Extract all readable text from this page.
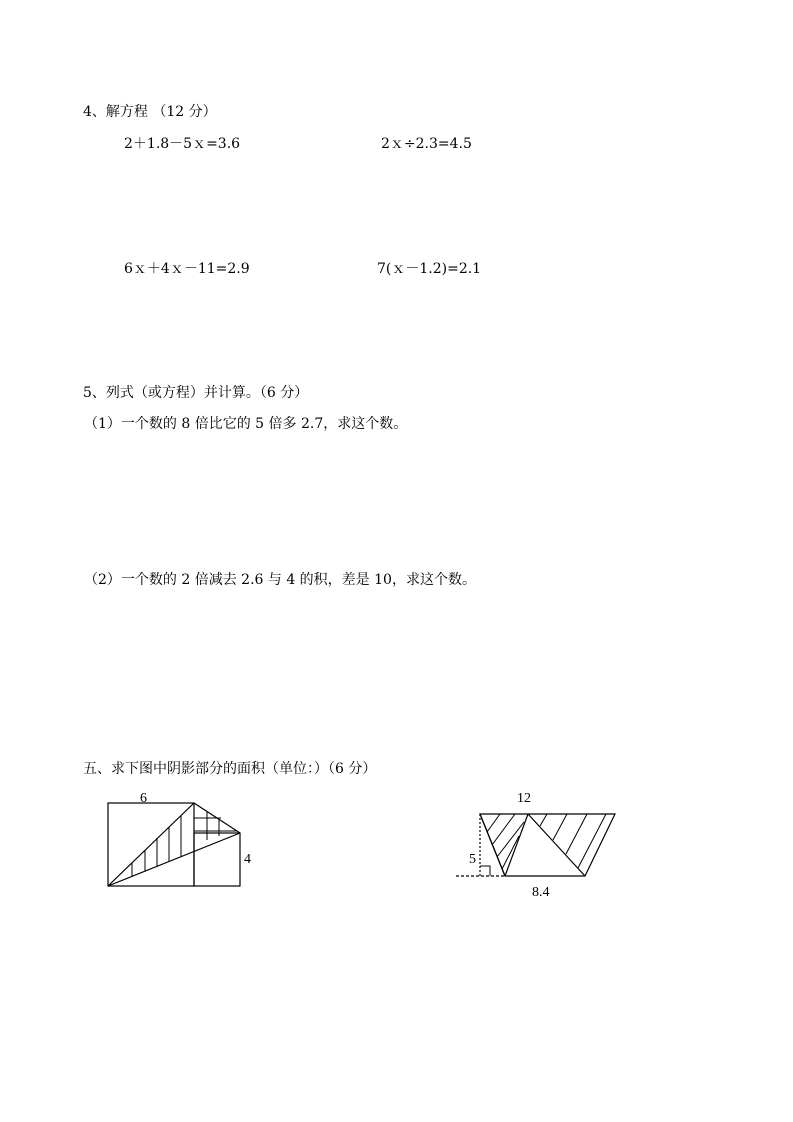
4、解方程 （12 分）
2＋1.8－5ｘ=3.6	2ｘ÷2.3=4.5
6ｘ＋4ｘ－11=2.9	7(ｘ－1.2)=2.1
5、列式（或方程）并计算。（6 分）
（1）一个数的 8 倍比它的 5 倍多 2.7，求这个数。
（2）一个数的 2 倍减去 2.6 与 4 的积，差是 10，求这个数。
五、求下图中阴影部分的面积（单位：）（6 分）
6
4
12
5
8.4
